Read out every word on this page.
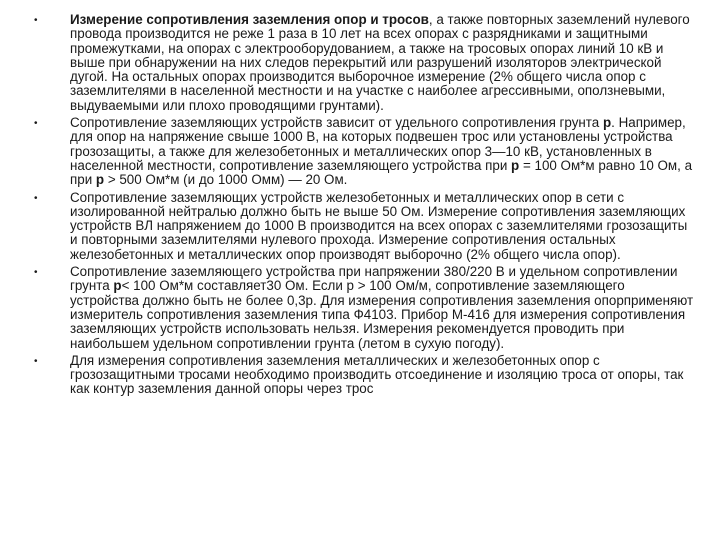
• Измерение сопротивления заземления опор и тросов, а также повторных заземлений нулевого провода производится не реже 1 раза в 10 лет на всех опорах с разрядниками и защитными промежутками, на опорах с электрооборудованием, а также на тросовых опорах линий 10 кВ и выше при обнаружении на них следов перекрытий или разрушений изоляторов электрической дугой. На остальных опорах производится выборочное измерение (2% общего числа опор с заземлителями в населенной местности и на участке с наиболее агрессивными, оползневыми, выдуваемыми или плохо проводящими грунтами).
• Сопротивление заземляющих устройств зависит от удельного сопротивления грунта р. Например, для опор на напряжение свыше 1000 В, на которых подвешен трос или установлены устройства грозозащиты, а также для железобетонных и металлических опор 3—10 кВ, установленных в населенной местности, сопротивление заземляющего устройства при р = 100 Ом*м равно 10 Ом, а при р > 500 Ом*м (и до 1000 Омм) — 20 Ом.
• Сопротивление заземляющих устройств железобетонных и металлических опор в сети с изолированной нейтралью должно быть не выше 50 Ом. Измерение сопротивления заземляющих устройств ВЛ напряжением до 1000 В производится на всех опорах с заземлителями грозозащиты и повторными заземлителями нулевого прохода. Измерение сопротивления остальных железобетонных и металлических опор производят выборочно (2% общего числа опор).
• Сопротивление заземляющего устройства при напряжении 380/220 В и удельном сопротивлении грунта р< 100 Ом*м составляет30 Ом. Если р > 100 Ом/м, сопротивление заземляющего устройства должно быть не более 0,3р. Для измерения сопротивления заземления опорприменяют измеритель сопротивления заземления типа Ф4103. Прибор М-416 для измерения сопротивления заземляющих устройств использовать нельзя. Измерения рекомендуется проводить при наибольшем удельном сопротивлении грунта (летом в сухую погоду).
• Для измерения сопротивления заземления металлических и железобетонных опор с грозозащитными тросами необходимо производить отсоединение и изоляцию троса от опоры, так как контур заземления данной опоры через трос
